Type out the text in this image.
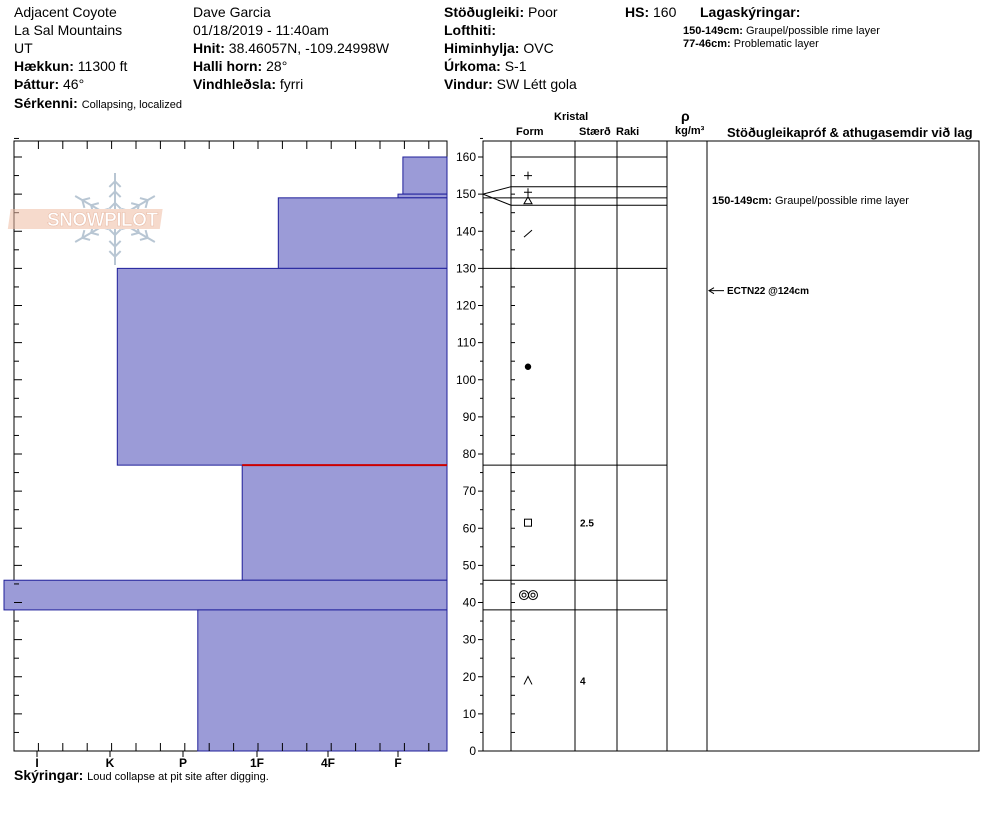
Adjacent Coyote
La Sal Mountains
UT
Hækkun: 11300 ft
Þáttur: 46°
Sérkenni: Collapsing, localized
Dave Garcia
01/18/2019 - 11:40am
Hnit: 38.46057N, -109.24998W
Halli horn: 28°
Vindhleðsla: fyrri
Stöðugleiki: Poor
Lofthiti:
Himinhylja: OVC
Úrkoma: S-1
Vindur: SW Létt gola
HS: 160 Lagaskýringar:
150-149cm: Graupel/possible rime layer
77-46cm: Problematic layer
Kristal
Form	Stærð Raki
ρ
kg/m³ Stöðugleikapróf & athugasemdir við lag
I	K	P	1F	4F	F
SNOWPILOT
0
10
20
30
40
50
60
70
80
90
100
110
120
130
140
150
160
2.5
4
150-149cm: Graupel/possible rime layer
ECTN22 @124cm
Skýringar: Loud collapse at pit site after digging.
